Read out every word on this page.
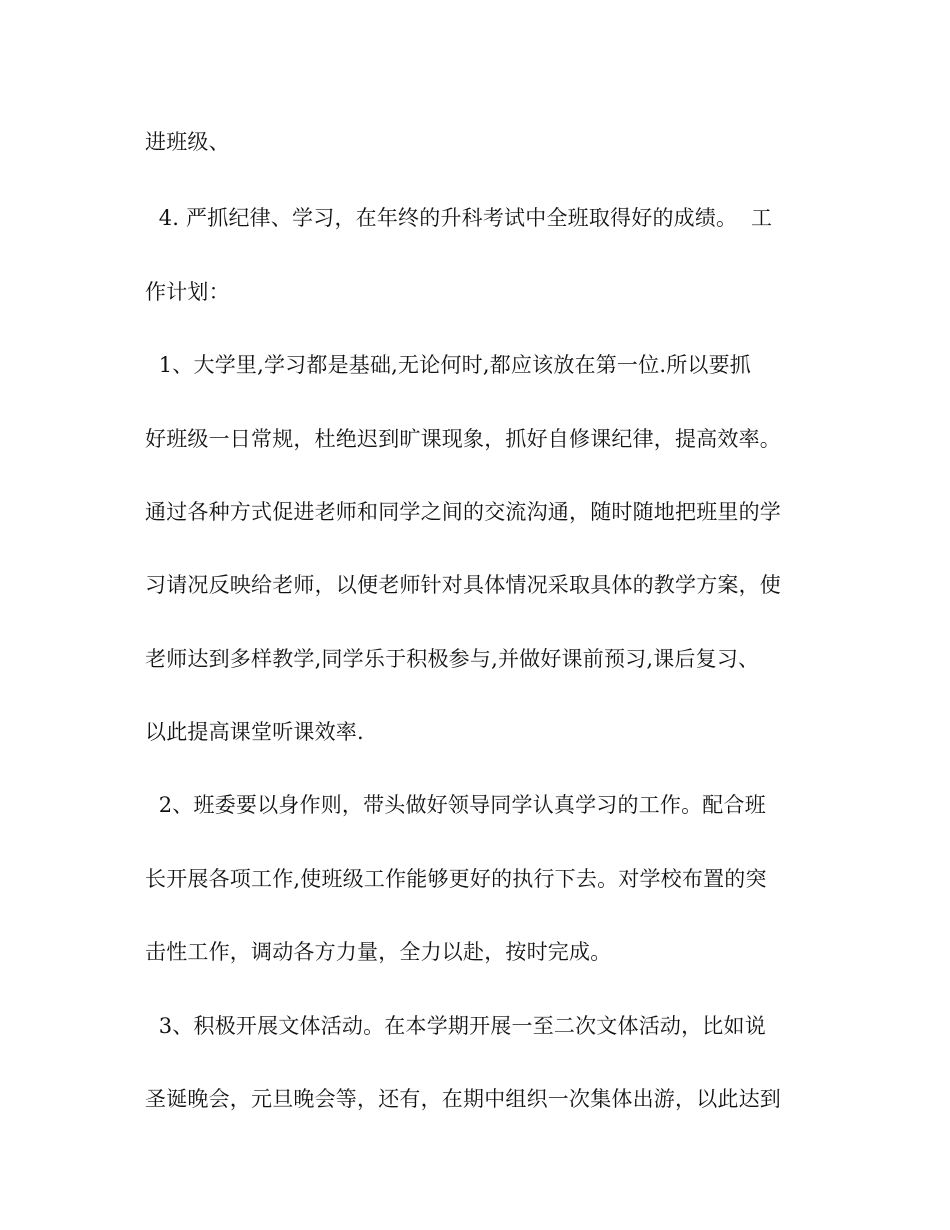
进班级、
4. 严抓纪律、学习，在年终的升科考试中全班取得好的成绩。  工
作计划：
1、大学里,学习都是基础,无论何时,都应该放在第一位.所以要抓
好班级一日常规，杜绝迟到旷课现象，抓好自修课纪律，提高效率。
通过各种方式促进老师和同学之间的交流沟通，随时随地把班里的学
习请况反映给老师，以便老师针对具体情况采取具体的教学方案，使
老师达到多样教学,同学乐于积极参与,并做好课前预习,课后复习、
以此提高课堂听课效率.
2、班委要以身作则，带头做好领导同学认真学习的工作。配合班
长开展各项工作,使班级工作能够更好的执行下去。对学校布置的突
击性工作，调动各方力量，全力以赴，按时完成。
3、积极开展文体活动。在本学期开展一至二次文体活动，比如说
圣诞晚会，元旦晚会等，还有，在期中组织一次集体出游，以此达到
